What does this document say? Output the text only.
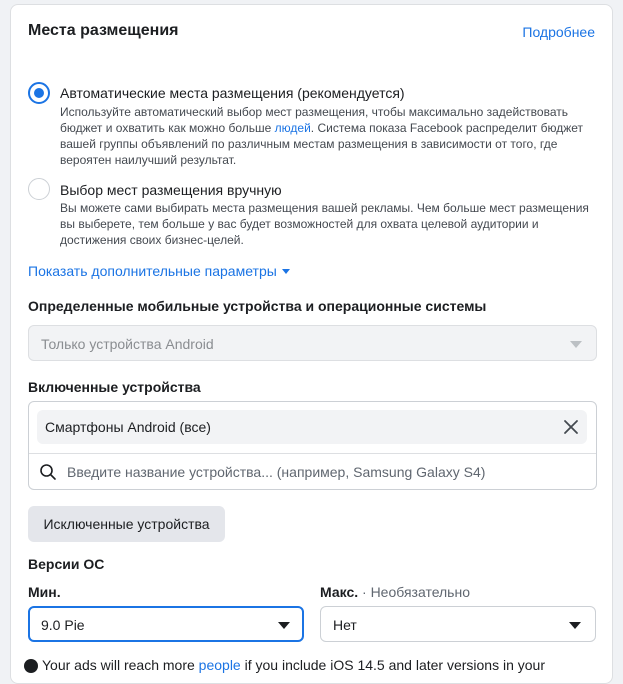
Места размещения	Подробнее
Автоматические места размещения (рекомендуется)
Используйте автоматический выбор мест размещения, чтобы максимально задействовать бюджет и охватить как можно больше людей. Система показа Facebook распределит бюджет вашей группы объявлений по различным местам размещения в зависимости от того, где вероятен наилучший результат.
Выбор мест размещения вручную
Вы можете сами выбирать места размещения вашей рекламы. Чем больше мест размещения вы выберете, тем больше у вас будет возможностей для охвата целевой аудитории и достижения своих бизнес-целей.
Показать дополнительные параметры
Определенные мобильные устройства и операционные системы
Только устройства Android
Включенные устройства
Смартфоны Android (все)
Введите название устройства... (например, Samsung Galaxy S4)
Исключенные устройства
Версии ОС
Мин.	Макс. · Необязательно
9.0 Pie	Нет
Your ads will reach more people if you include iOS 14.5 and later versions in your
